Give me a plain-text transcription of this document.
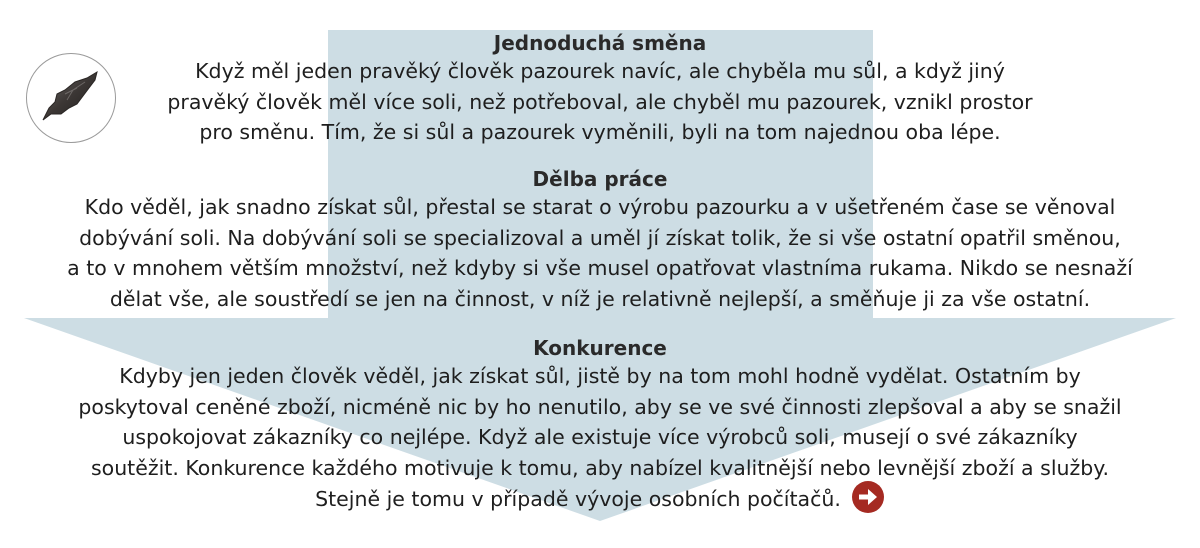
Jednoduchá směna
Když měl jeden pravěký člověk pazourek navíc, ale chyběla mu sůl, a když jiný
pravěký člověk měl více soli, než potřeboval, ale chyběl mu pazourek, vznikl prostor
pro směnu. Tím, že si sůl a pazourek vyměnili, byli na tom najednou oba lépe.
Dělba práce
Kdo věděl, jak snadno získat sůl, přestal se starat o výrobu pazourku a v ušetřeném čase se věnoval
dobývání soli. Na dobývání soli se specializoval a uměl jí získat tolik, že si vše ostatní opatřil směnou,
a to v mnohem větším množství, než kdyby si vše musel opatřovat vlastníma rukama. Nikdo se nesnaží
dělat vše, ale soustředí se jen na činnost, v níž je relativně nejlepší, a směňuje ji za vše ostatní.
Konkurence
Kdyby jen jeden člověk věděl, jak získat sůl, jistě by na tom mohl hodně vydělat. Ostatním by
poskytoval ceněné zboží, nicméně nic by ho nenutilo, aby se ve své činnosti zlepšoval a aby se snažil
uspokojovat zákazníky co nejlépe. Když ale existuje více výrobců soli, musejí o své zákazníky
soutěžit. Konkurence každého motivuje k tomu, aby nabízel kvalitnější nebo levnější zboží a služby.
Stejně je tomu v případě vývoje osobních počítačů.
